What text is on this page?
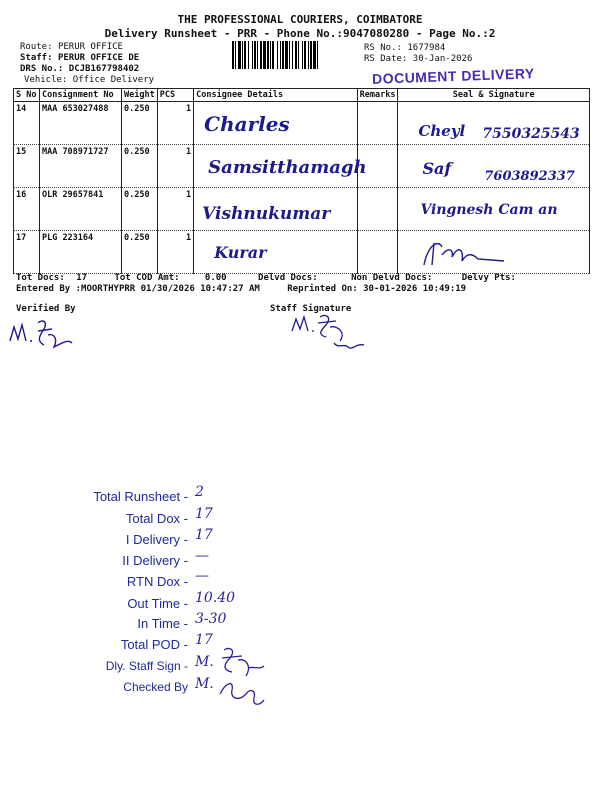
THE PROFESSIONAL COURIERS, COIMBATORE
Delivery Runsheet - PRR - Phone No.:9047080280 - Page No.:2
Route: PERUR OFFICE
Staff: PERUR OFFICE DE
DRS No.: DCJB167798402
Vehicle: Office Delivery
RS No.: 1677984
RS Date: 30-Jan-2026
DOCUMENT DELIVERY
S No	Consignment No	Weight	PCS	Consignee Details	Remarks	Seal & Signature
14	MAA 653027488	0.250	1	Charles		Cheyl 7550325543
15	MAA 708971727	0.250	1	Samsitthamagh		Saf 7603892337
16	OLR 29657841	0.250	1	Vishnukumar		Vingnesh Cam an
17	PLG 223164	0.250	1	Kurar		
Tot Docs: 17	Tot COD Amt:	0.00	Delvd Docs:	Non Delvd Docs:	Delvy Pts:
Entered By :MOORTHYPRR 01/30/2026 10:47:27 AM	Reprinted On: 30-01-2026 10:49:19
Verified By	Staff Signature
Total Runsheet - 2
Total Dox - 17
I Delivery - 17
II Delivery - —
RTN Dox - —
Out Time - 10.40
In Time - 3-30
Total POD - 17
Dly. Staff Sign - M.
Checked By M.
